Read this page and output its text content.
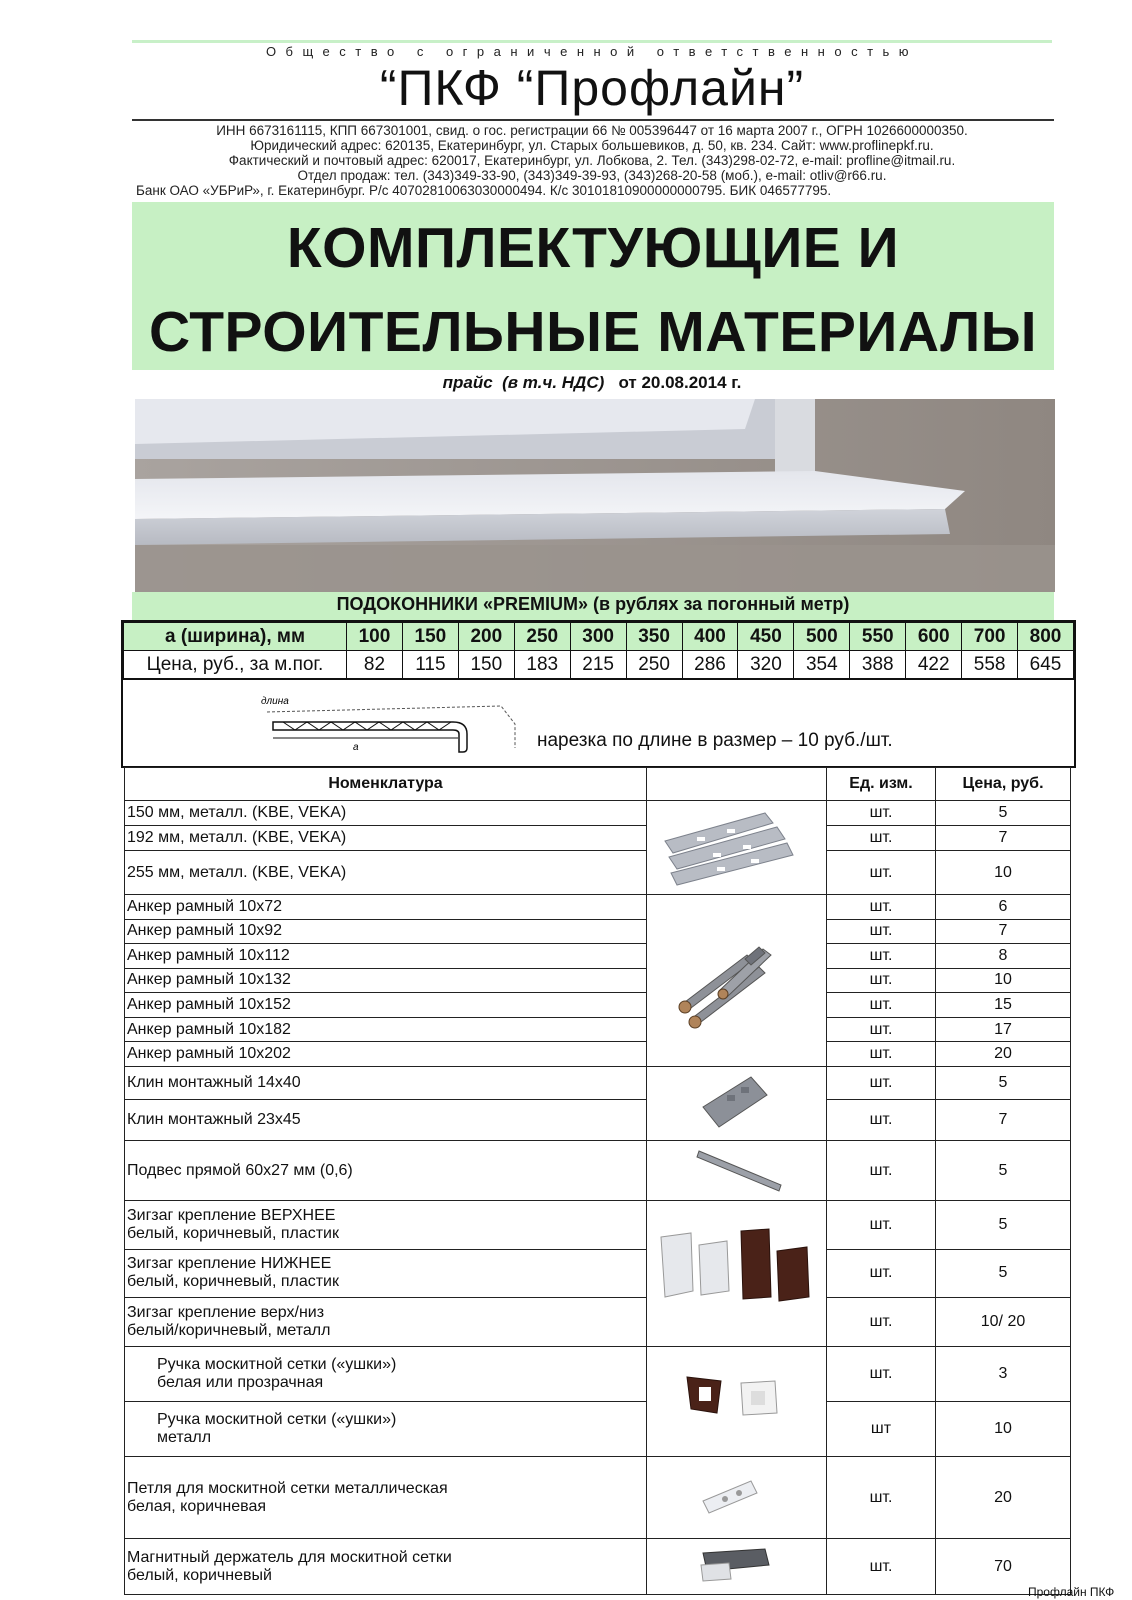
Общество с ограниченной ответственностью
“ПКФ “Профлайн”
ИНН 6673161115, КПП 667301001, свид. о гос. регистрации 66 № 005396447 от 16 марта 2007 г., ОГРН 1026600000350.
Юридический адрес: 620135, Екатеринбург, ул. Старых большевиков, д. 50, кв. 234. Сайт: www.proflinepkf.ru.
Фактический и почтовый адрес: 620017, Екатеринбург, ул. Лобкова, 2. Тел. (343)298-02-72, e-mail: profline@itmail.ru.
Отдел продаж: тел. (343)349-33-90, (343)349-39-93, (343)268-20-58 (моб.), e-mail: otliv@r66.ru.
Банк ОАО «УБРиР», г. Екатеринбург. Р/с 40702810063030000494. К/с 30101810900000000795. БИК 046577795.
КОМПЛЕКТУЮЩИЕ И
СТРОИТЕЛЬНЫЕ МАТЕРИАЛЫ
прайс (в т.ч. НДС) от 20.08.2014 г.
ПОДОКОННИКИ «PREMIUM» (в рублях за погонный метр)
а (ширина), мм	100	150	200	250	300	350	400	450	500	550	600	700	800
Цена, руб., за м.пог.	82	115	150	183	215	250	286	320	354	388	422	558	645
длина
а	нарезка по длине в размер – 10 руб./шт.
Номенклатура		Ед. изм.	Цена, руб.
150 мм, металл. (KBE, VEKA)		шт.	5
192 мм, металл. (KBE, VEKA)		шт.	7
255 мм, металл. (KBE, VEKA)		шт.	10
Анкер рамный 10х72		шт.	6
Анкер рамный 10х92		шт.	7
Анкер рамный 10х112		шт.	8
Анкер рамный 10х132		шт.	10
Анкер рамный 10х152		шт.	15
Анкер рамный 10х182		шт.	17
Анкер рамный 10х202		шт.	20
Клин монтажный 14х40		шт.	5
Клин монтажный 23х45		шт.	7
Подвес прямой 60х27 мм (0,6)		шт.	5

Зигзаг крепление ВЕРХНЕЕ
белый, коричневый, пластик		шт.	5

Зигзаг крепление НИЖНЕЕ
белый, коричневый, пластик		шт.	5

Зигзаг крепление верх/низ
белый/коричневый, металл		шт.	10/ 20

Ручка москитной сетки («ушки»)
белая или прозрачная		шт.	3

Ручка москитной сетки («ушки»)
металл		шт	10

Петля для москитной сетки металлическая
белая, коричневая		шт.	20

Магнитный держатель для москитной сетки
белый, коричневый		шт.	70
Профлайн ПКФ
